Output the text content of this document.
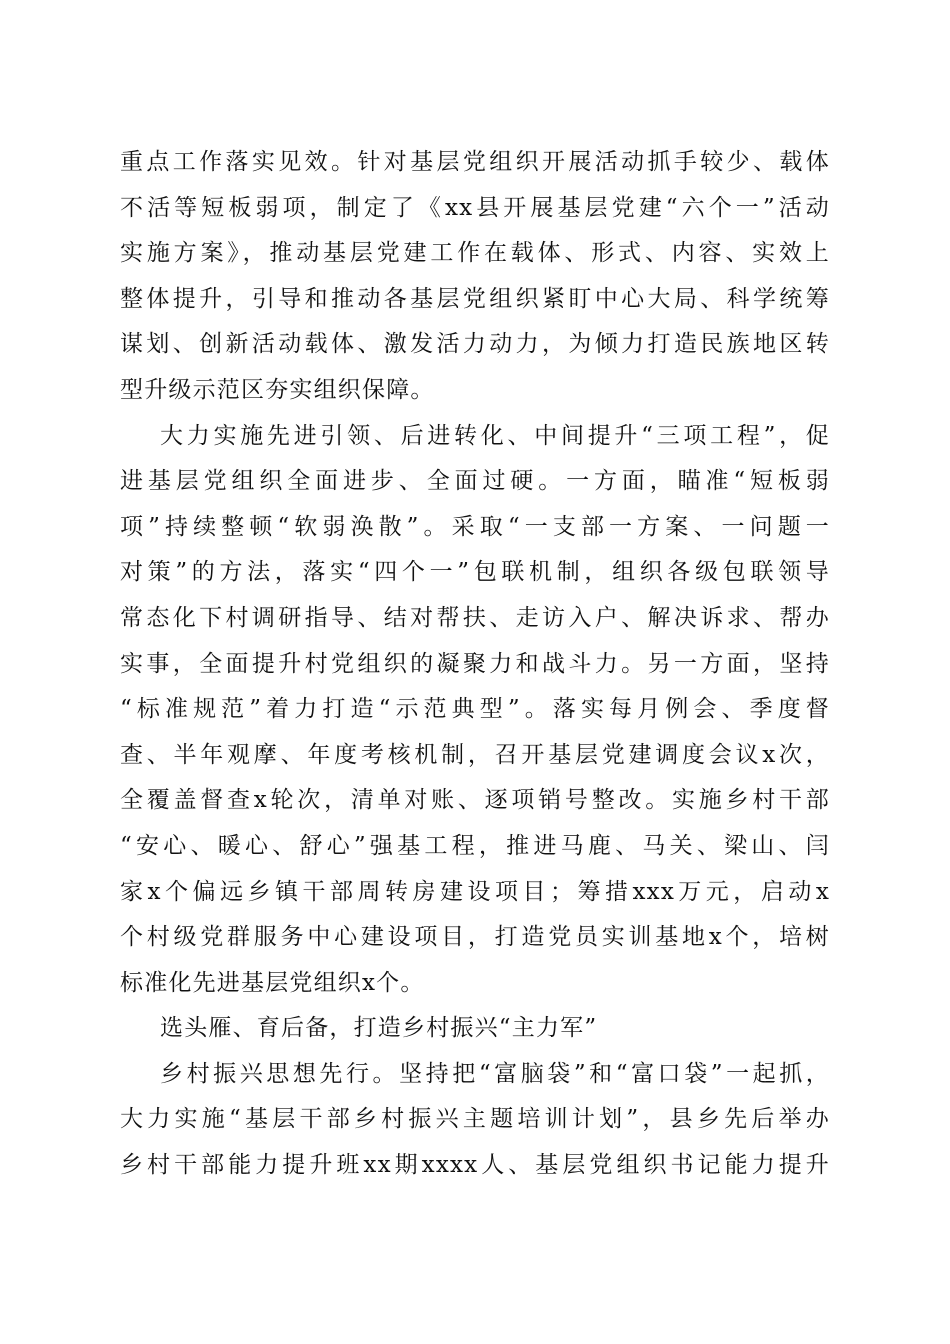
重点工作落实见效。针对基层党组织开展活动抓手较少、载体
不活等短板弱项，制定了《xx县开展基层党建“六个一”活动
实施方案》，推动基层党建工作在载体、形式、内容、实效上
整体提升，引导和推动各基层党组织紧盯中心大局、科学统筹
谋划、创新活动载体、激发活力动力，为倾力打造民族地区转
型升级示范区夯实组织保障。
大力实施先进引领、后进转化、中间提升“三项工程”，促
进基层党组织全面进步、全面过硬。一方面，瞄准“短板弱
项”持续整顿“软弱涣散”。采取“一支部一方案、一问题一
对策”的方法，落实“四个一”包联机制，组织各级包联领导
常态化下村调研指导、结对帮扶、走访入户、解决诉求、帮办
实事，全面提升村党组织的凝聚力和战斗力。另一方面，坚持
“标准规范”着力打造“示范典型”。落实每月例会、季度督
查、半年观摩、年度考核机制，召开基层党建调度会议x次，
全覆盖督查x轮次，清单对账、逐项销号整改。实施乡村干部
“安心、暖心、舒心”强基工程，推进马鹿、马关、梁山、闫
家x个偏远乡镇干部周转房建设项目；筹措xxx万元，启动x
个村级党群服务中心建设项目，打造党员实训基地x个，培树
标准化先进基层党组织x个。
选头雁、育后备，打造乡村振兴“主力军”
乡村振兴思想先行。坚持把“富脑袋”和“富口袋”一起抓，
大力实施“基层干部乡村振兴主题培训计划”，县乡先后举办
乡村干部能力提升班xx期xxxx人、基层党组织书记能力提升
